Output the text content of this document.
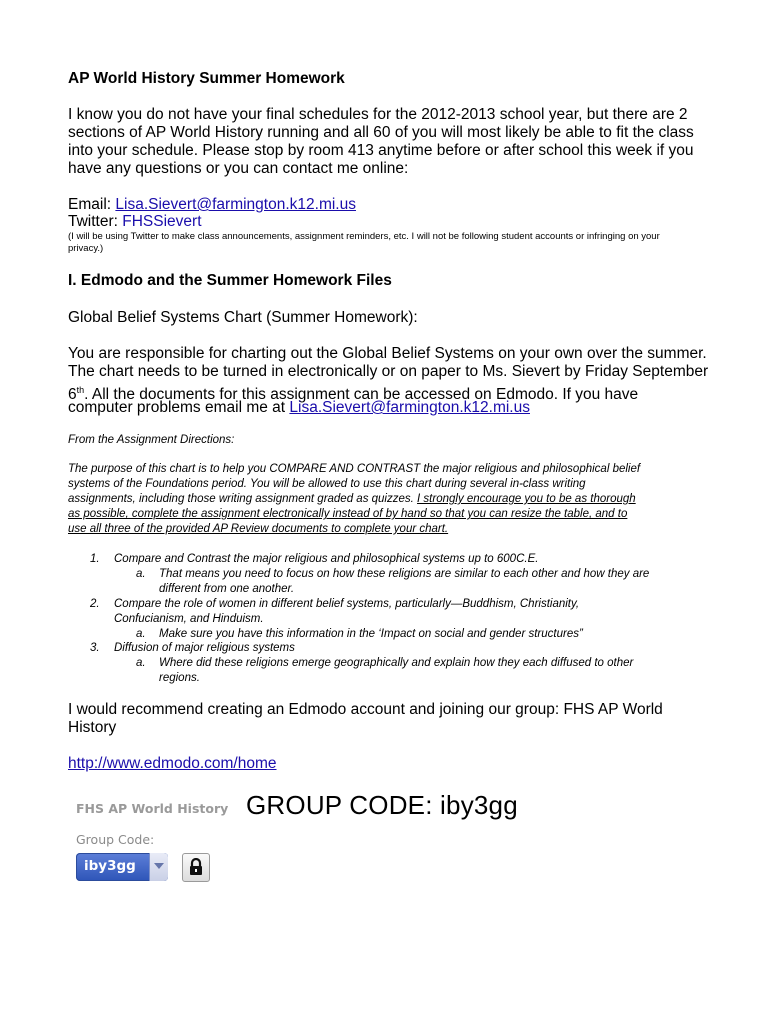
AP World History Summer Homework
I know you do not have your final schedules for the 2012-2013 school year, but there are 2
sections of AP World History running and all 60 of you will most likely be able to fit the class
into your schedule. Please stop by room 413 anytime before or after school this week if you
have any questions or you can contact me online:
Email: Lisa.Sievert@farmington.k12.mi.us
Twitter: FHSSievert
(I will be using Twitter to make class announcements, assignment reminders, etc. I will not be following student accounts or infringing on your
privacy.)
I. Edmodo and the Summer Homework Files
Global Belief Systems Chart (Summer Homework):
You are responsible for charting out the Global Belief Systems on your own over the summer.
The chart needs to be turned in electronically or on paper to Ms. Sievert by Friday September
6th. All the documents for this assignment can be accessed on Edmodo. If you have
computer problems email me at Lisa.Sievert@farmington.k12.mi.us
From the Assignment Directions:
The purpose of this chart is to help you COMPARE AND CONTRAST the major religious and philosophical belief
systems of the Foundations period. You will be allowed to use this chart during several in-class writing
assignments, including those writing assignment graded as quizzes. I strongly encourage you to be as thorough
as possible, complete the assignment electronically instead of by hand so that you can resize the table, and to
use all three of the provided AP Review documents to complete your chart.
1. Compare and Contrast the major religious and philosophical systems up to 600C.E.
a. That means you need to focus on how these religions are similar to each other and how they are
different from one another.
2. Compare the role of women in different belief systems, particularly—Buddhism, Christianity,
Confucianism, and Hinduism.
a. Make sure you have this information in the ‘Impact on social and gender structures”
3. Diffusion of major religious systems
a. Where did these religions emerge geographically and explain how they each diffused to other
regions.
I would recommend creating an Edmodo account and joining our group: FHS AP World
History
http://www.edmodo.com/home
FHS AP World History
Group Code:
iby3gg
GROUP CODE: iby3gg
